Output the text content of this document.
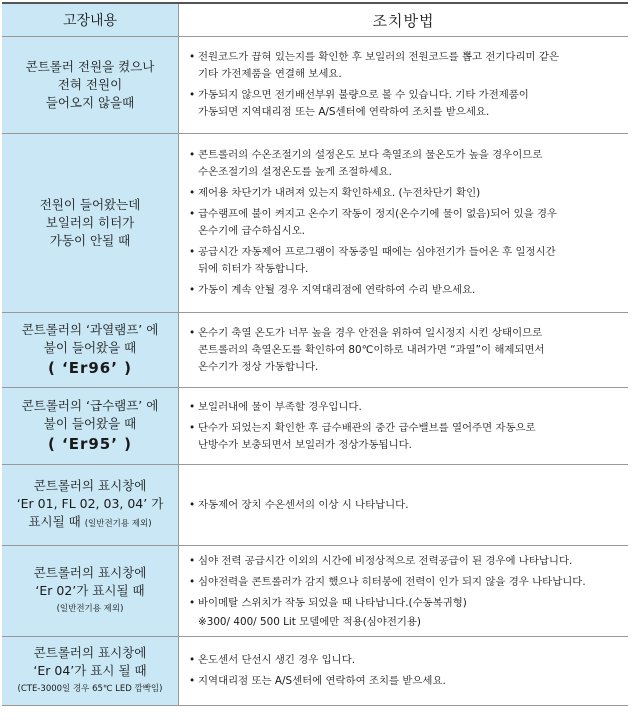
고장내용	조치방법
콘트롤러 전원을 켰으나
전혀 전원이
들어오지 않을때
• 전원코드가 끕혀 있는지를 확인한 후 보일러의 전원코드를 뽑고 전기다리미 같은
기타 가전제품을 연결해 보세요.
• 가동되지 않으면 전기배선부위 불량으로 볼 수 있습니다. 기타 가전제품이
가동되면 지역대리점 또는 A/S센터에 연락하여 조치를 받으세요.
전원이 들어왔는데
보일러의 히터가
가동이 안될 때
• 콘트롤러의 수온조절기의 설정온도 보다 축열조의 물온도가 높을 경우이므로
수온조절기의 설정온도를 높게 조절하세요.
• 제어용 차단기가 내려져 있는지 확인하세요. (누전차단기 확인)
• 급수램프에 불이 켜지고 온수기 작동이 정지(온수기에 물이 없음)되어 있을 경우
온수기에 급수하십시오.
• 공급시간 자동제어 프로그램이 작동중일 때에는 심야전기가 들어온 후 일정시간
뒤에 히터가 작동합니다.
• 가동이 계속 안될 경우 지역대리점에 연락하여 수리 받으세요.
콘트롤러의 ‘과열램프’ 에
불이 들어왔을 때
( ‘Er96’ )
• 온수기 축열 온도가 너무 높을 경우 안전을 위하여 일시정지 시킨 상태이므로
콘트롤러의 축열온도를 확인하여 80℃이하로 내려가면 “과열”이 해제되면서
온수기가 정상 가동합니다.
콘트롤러의 ‘급수램프’ 에
불이 들어왔을 때
( ‘Er95’ )
• 보일러내에 물이 부족할 경우입니다.
• 단수가 되었는지 확인한 후 급수배관의 중간 급수밸브를 열어주면 자동으로
난방수가 보충되면서 보일러가 정상가동됩니다.
콘트롤러의 표시창에
‘Er 01, FL 02, 03, 04’ 가
표시될 때 (일반전기용 제외)
• 자동제어 장치 수온센서의 이상 시 나타납니다.
콘트롤러의 표시창에
‘Er 02’가 표시될 때
(일반전기용 제외)
• 심야 전력 공급시간 이외의 시간에 비정상적으로 전력공급이 된 경우에 나타납니다.
• 심야전력을 콘트롤러가 감지 했으나 히터봉에 전력이 인가 되지 않을 경우 나타납니다.
• 바이메탈 스위치가 작동 되었을 때 나타납니다.(수동복귀형)
※300/ 400/ 500 Lit 모델에만 적용(심야전기용)
콘트롤러의 표시창에
‘Er 04’가 표시 될 때
(CTE-3000일 경우 65℃ LED 깜빡임)
• 온도센서 단선시 생긴 경우 입니다.
• 지역대리점 또는 A/S센터에 연락하여 조치를 받으세요.
